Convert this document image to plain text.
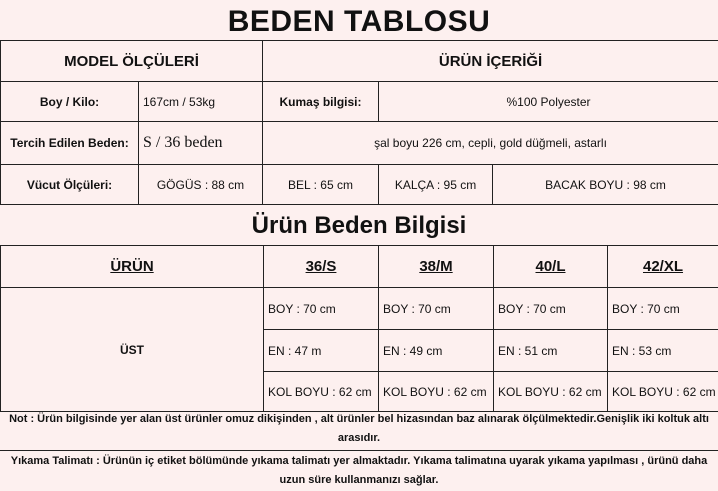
BEDEN TABLOSU
MODEL ÖLÇÜLERİ		ÜRÜN İÇERİĞİ		
Boy / Kilo:	167cm / 53kg	Kumaş bilgisi:	%100 Polyester	
Tercih Edilen Beden:	S / 36 beden	şal boyu 226 cm, cepli, gold düğmeli, astarlı		
Vücut Ölçüleri:	GÖGÜS : 88 cm	BEL : 65 cm	KALÇA : 95 cm	BACAK BOYU : 98 cm
Ürün Beden Bilgisi
ÜRÜN	36/S	38/M	40/L	42/XL
ÜST	BOY : 70 cm	BOY : 70 cm	BOY : 70 cm	BOY : 70 cm
	EN : 47 m	EN : 49 cm	EN : 51 cm	EN : 53 cm
	KOL BOYU : 62 cm	KOL BOYU : 62 cm	KOL BOYU : 62 cm	KOL BOYU : 62 cm
Not : Ürün bilgisinde yer alan üst ürünler omuz dikişinden , alt ürünler bel hizasından baz alınarak ölçülmektedir.Genişlik iki koltuk altı arasıdır.
Yıkama Talimatı : Ürünün iç etiket bölümünde yıkama talimatı yer almaktadır. Yıkama talimatına uyarak yıkama yapılması , ürünü daha uzun süre kullanmanızı sağlar.
